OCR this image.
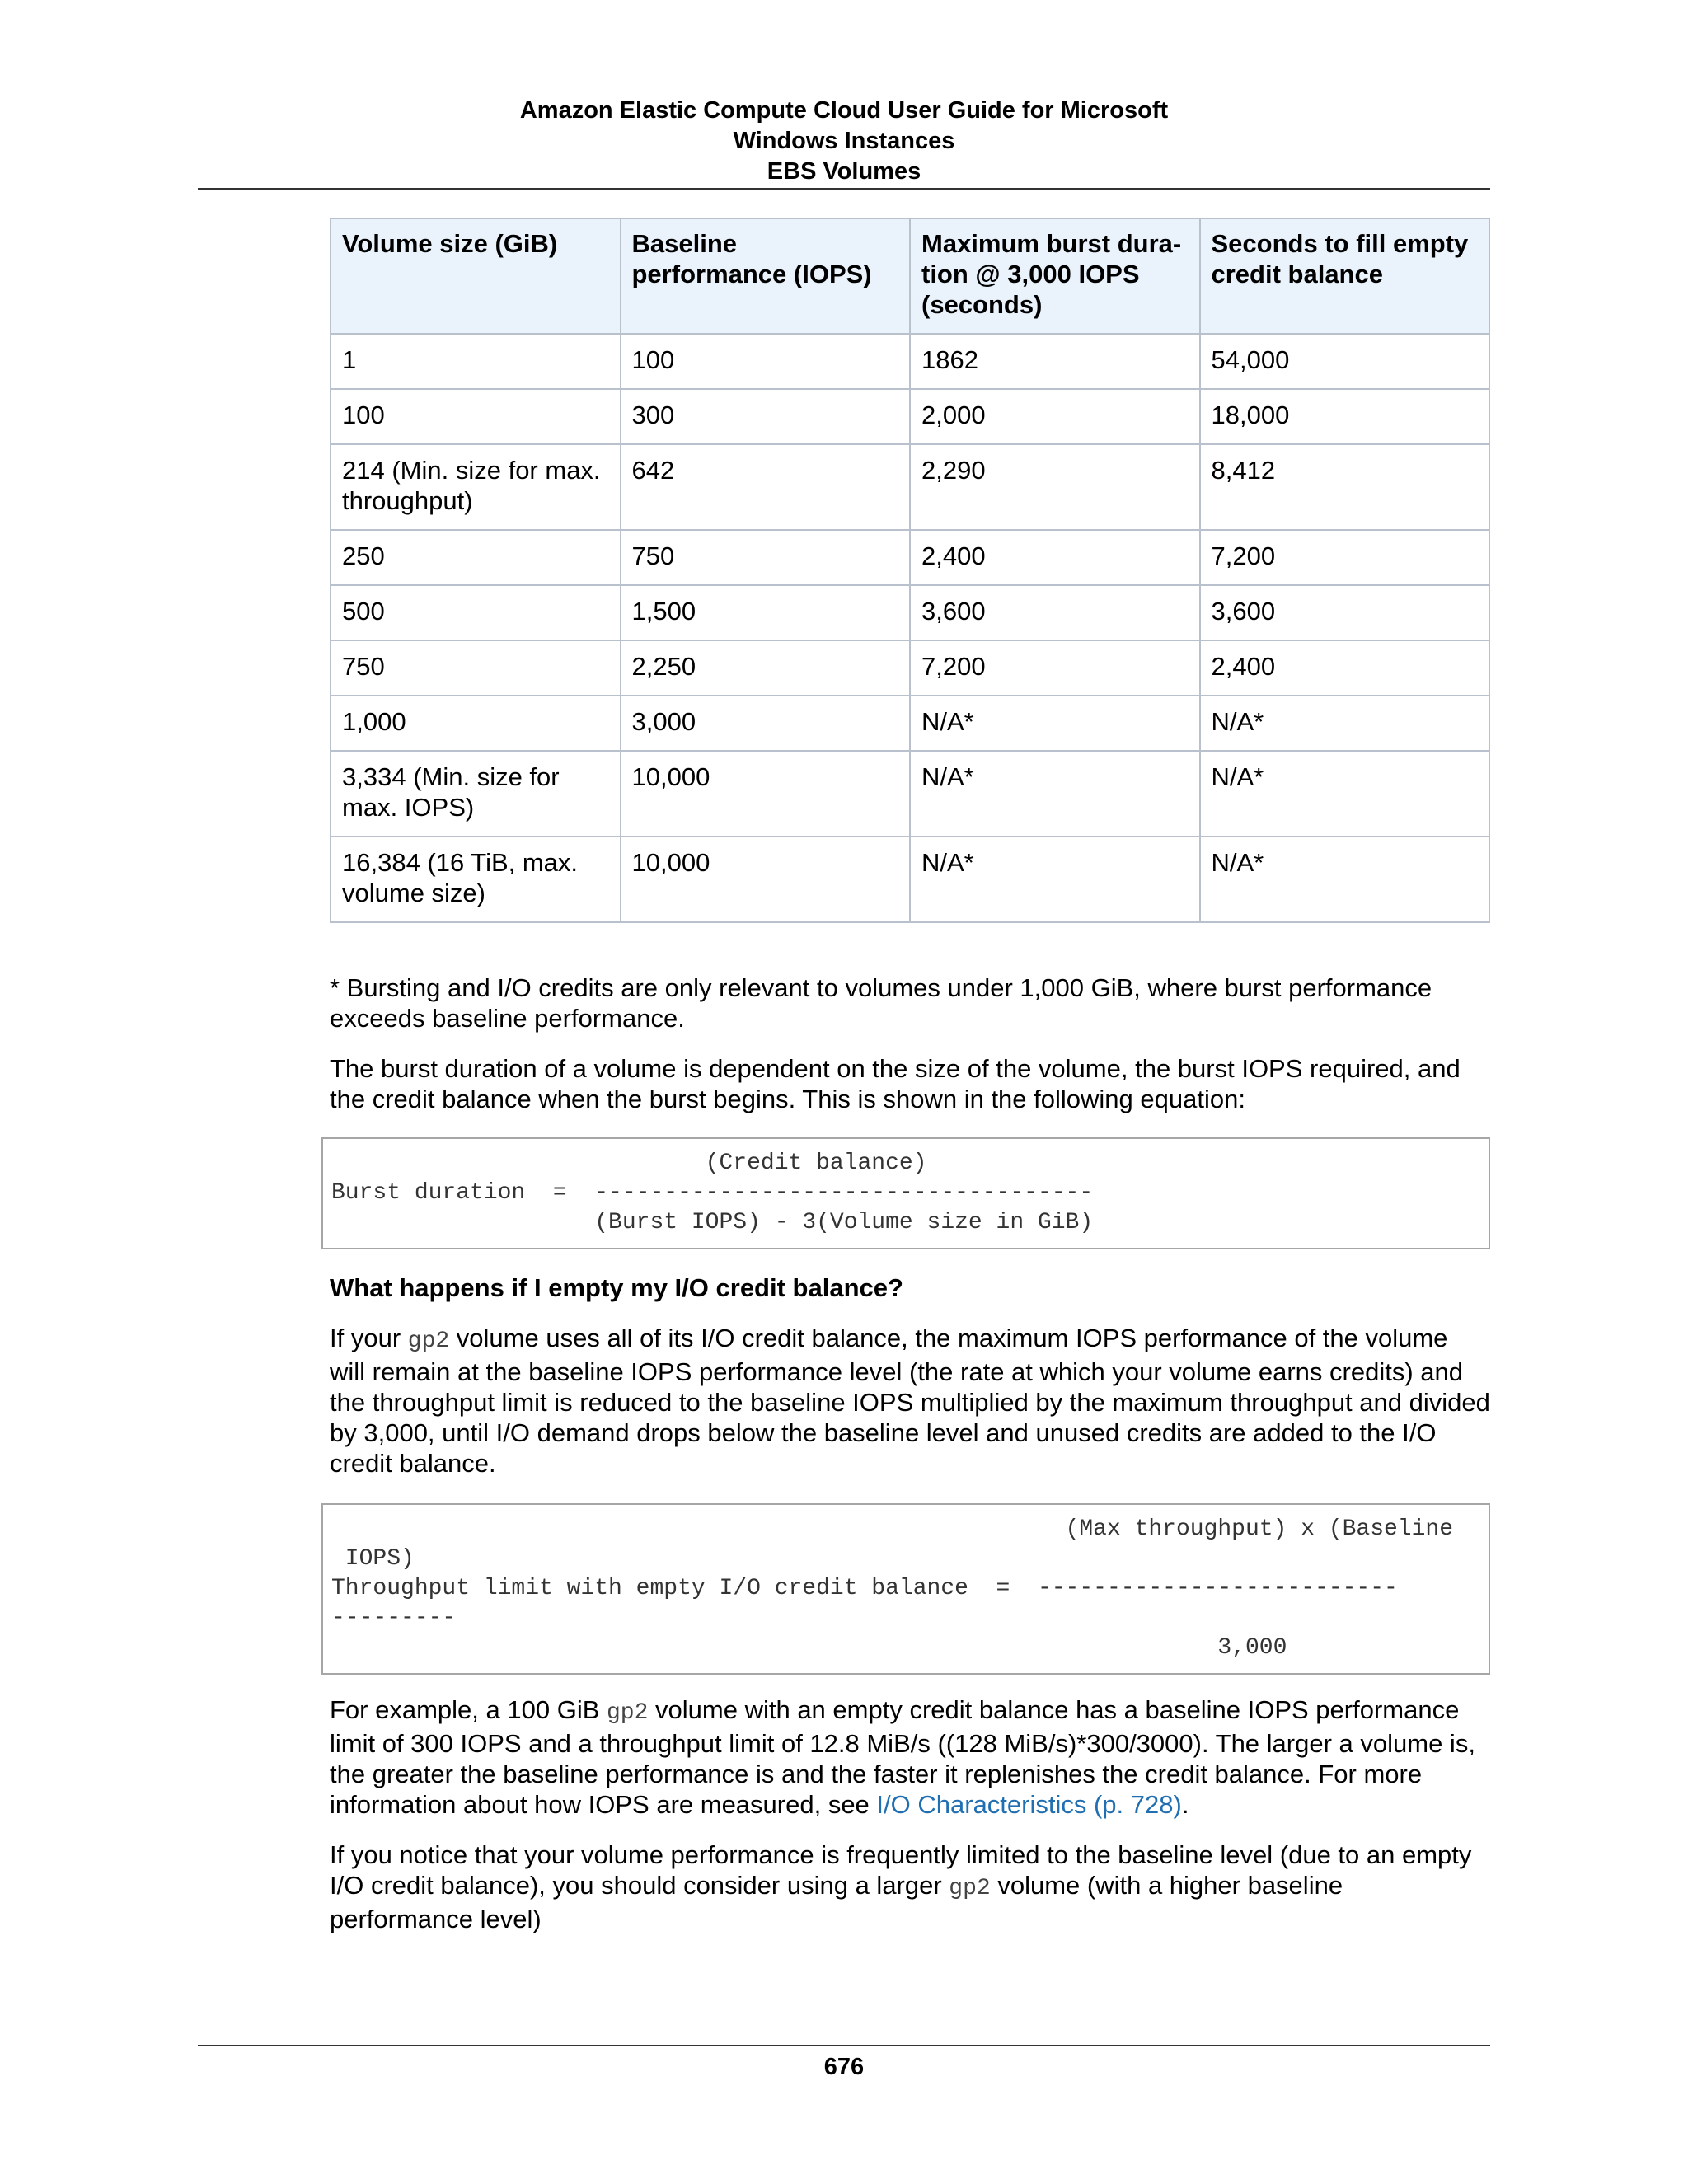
Amazon Elastic Compute Cloud User Guide for Microsoft
Windows Instances
EBS Volumes
Volume size (GiB)	Baseline performance (IOPS)	Maximum burst dura-tion @ 3,000 IOPS (seconds)	Seconds to fill empty credit balance
1	100	1862	54,000
100	300	2,000	18,000
214 (Min. size for max. throughput)	642	2,290	8,412
250	750	2,400	7,200
500	1,500	3,600	3,600
750	2,250	7,200	2,400
1,000	3,000	N/A*	N/A*
3,334 (Min. size for max. IOPS)	10,000	N/A*	N/A*
16,384 (16 TiB, max. volume size)	10,000	N/A*	N/A*

* Bursting and I/O credits are only relevant to volumes under 1,000 GiB, where burst performance exceeds baseline performance.

The burst duration of a volume is dependent on the size of the volume, the burst IOPS required, and the credit balance when the burst begins. This is shown in the following equation:

(Credit balance)
Burst duration  =  ------------------------------------
(Burst IOPS) - 3(Volume size in GiB)
What happens if I empty my I/O credit balance?

If your gp2 volume uses all of its I/O credit balance, the maximum IOPS performance of the volume will remain at the baseline IOPS performance level (the rate at which your volume earns credits) and the throughput limit is reduced to the baseline IOPS multiplied by the maximum throughput and divided by 3,000, until I/O demand drops below the baseline level and unused credits are added to the I/O credit balance.

(Max throughput) x (Baseline
IOPS)
Throughput limit with empty I/O credit balance  =  --------------------------
---------
3,000

For example, a 100 GiB gp2 volume with an empty credit balance has a baseline IOPS performance limit of 300 IOPS and a throughput limit of 12.8 MiB/s ((128 MiB/s)*300/3000). The larger a volume is, the greater the baseline performance is and the faster it replenishes the credit balance. For more information about how IOPS are measured, see I/O Characteristics (p. 728).

If you notice that your volume performance is frequently limited to the baseline level (due to an empty I/O credit balance), you should consider using a larger gp2 volume (with a higher baseline performance level)

676
